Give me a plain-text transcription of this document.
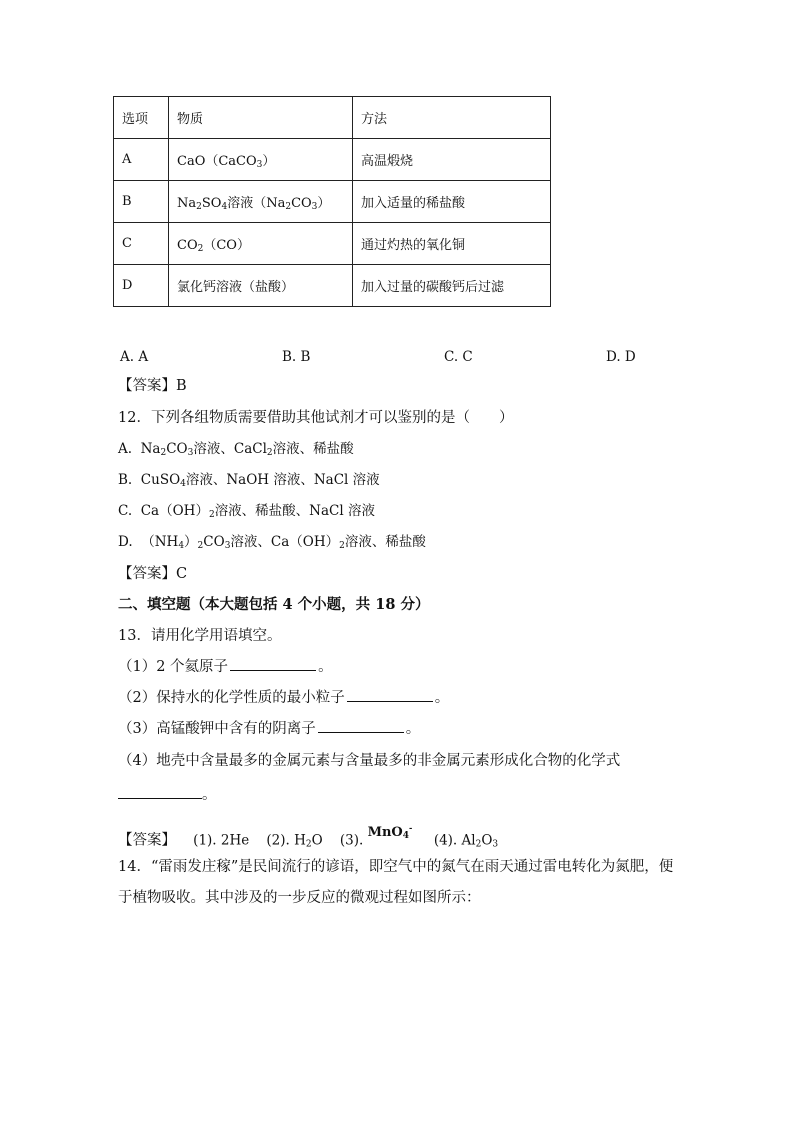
选项	物质	方法
A	CaO（CaCO$_3$）	高温煅烧
B	$Na_2SO_4$溶液$(Na_2CO_3)$	加入适量的稀盐酸
C	$CO_2(CO)$	通过灼热的氧化铜
D	氯化钙溶液（盐酸）	加入过量的碳酸钙后过滤
A. A	B. B	C. C	D. D
【答案】B
12．下列各组物质需要借助其他试剂才可以鉴别的是（　　）
A.  $Na_2CO_3$溶液、CaCl$_2$溶液、稀盐酸
B.  CuSO$_4$溶液、NaOH 溶液、NaCl 溶液
C.  $Ca(OH)_2$溶液、稀盐酸、NaCl 溶液
D.  $(NH_4)_2CO_3$溶液、$Ca(OH)_2$溶液、稀盐酸
【答案】C
二、填空题（本大题包括 4 个小题，共 18 分）
13．请用化学用语填空。
（1）2 个氦原子	。
（2）保持水的化学性质的最小粒子	。
（3）高锰酸钾中含有的阴离子	。
（4）地壳中含量最多的金属元素与含量最多的非金属元素形成化合物的化学式
。
【答案】 (1). 2He (2). $H_2O$    (3). MnO$_4$-     (4). $Al_2O_3$
14．“雷雨发庄稼”是民间流行的谚语，即空气中的氮气在雨天通过雷电转化为氮肥，便
于植物吸收。其中涉及的一步反应的微观过程如图所示：
